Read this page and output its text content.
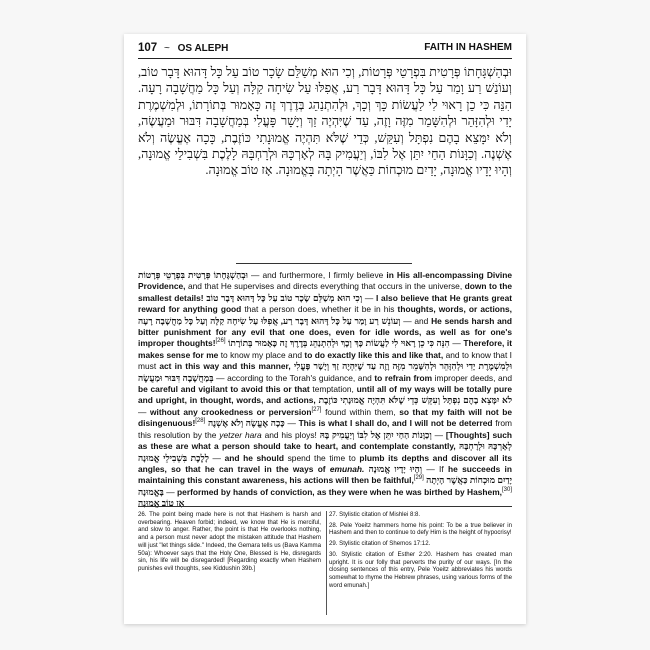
107 ~ OS ALEPH	FAITH IN HASHEM

וּבְהַשְׁגָּחָתוֹ פְּרָטִית בִּפְרָטֵי פְּרָטוֹת, וְכִי הוּא מְשַׁלֵּם שָׂכָר טוֹב עַל כָּל דָּהוּא דָּבָר טוֹב, וְעוֹנֵשׁ רַע וָמַר עַל כָּל דָּהוּא דָּבָר רַע, אֲפִלּוּ עַל שִׂיחָה קַלָּה וְעַל כָּל מַחֲשָׁבָה רָעָה. הִנֵּה כִּי כֵן רָאוּי לִי לַעֲשׂוֹת כָּךְ וְכָךְ, וּלְהִתְנַהֵג בְּדֶרֶךְ זֶה כָּאָמוּר בְּתוֹרָתוֹ, וּלְמִשְׁמֶרֶת יָדִי וּלְהִזָּהֵר וּלְהִשָּׁמֵר מִזֶּה וָזֶה, עַד שֶׁיִּהְיֶה זַךְ וְיָשָׁר פָּעֳלִי בְּמַחֲשָׁבָה דִּבּוּר וּמַעֲשֶׂה, וְלֹא יִמָּצֵא בָהֶם נִפְתָּל וְעִקֵּשׁ, כְּדֵי שֶׁלֹּא תִּהְיֶה אֱמוּנָתִי כּוֹזֶבֶת, כָּכָה אֶעֱשֶׂה וְלֹא אֶשְׁנֶה. וְכַוָּנוֹת הַחַי יִתֵּן אֶל לִבּוֹ, וְיַעֲמִיק בָּהּ לְאָרְכָּהּ וּלְרָחְבָּהּ לָלֶכֶת בִּשְׁבִילֵי אֱמוּנָה, וְהָיוּ יָדָיו אֱמוּנָה, יָדַיִם מוּכְחוֹת כַּאֲשֶׁר הָיְתָה בָּאֱמוּנָה. אָז טוֹב אֱמוּנָה.

וּבְהַשְׁגָּחָתוֹ פְּרָטִית בִּפְרָטֵי פְּרָטוֹת — and furthermore, I firmly believe in His all-encompassing Divine Providence, and that He supervises and directs everything that occurs in the universe, down to the smallest details!	וְכִי הוּא מְשַׁלֵּם שָׂכָר טוֹב עַל כָּל דָּהוּא דָּבָר טוֹב	— I also believe that He grants great reward for anything good that a person does, whether it be in his thoughts, words, or actions, וְעוֹנֵשׁ רַע וָמַר עַל כָּל דָּהוּא דָּבָר רַע, אֲפִלּוּ עַל שִׂיחָה קַלָּה וְעַל כָּל מַחֲשָׁבָה רָעָה — and He sends harsh and bitter punishment for any evil that one does, even for idle words, as well as for one's improper thoughts![26]	הִנֵּה כִּי כֵן רָאוּי לִי לַעֲשׂוֹת כָּךְ וְכָךְ וּלְהִתְנַהֵג בְּדֶרֶךְ זֶה כָּאָמוּר בְּתוֹרָתוֹ	— Therefore, it makes sense for me to know my place and to do exactly like this and like that, and to know that I must act in this way and this manner, וּלְמִשְׁמֶרֶת יָדִי וּלְהִזָּהֵר וּלְהִשָּׁמֵר מִזֶּה וָזֶה עַד שֶׁיִּהְיֶה זַךְ וְיָשָׁר פָּעֳלִי בְּמַחֲשָׁבָה דִּבּוּר וּמַעֲשֶׂה — according to the Torah's guidance, and to refrain from improper deeds, and be careful and vigilant to avoid this or that temptation, until all of my ways will be totally pure and upright, in thought, words, and actions,	לֹא יִמָּצֵא בָהֶם נִפְתָּל וְעִקֵּשׁ כְּדֵי שֶׁלֹּא תִּהְיֶה אֱמוּנָתִי כּוֹזֶבֶת — without any crookedness or perversion[27] found within them, so that my faith will not be disingenuous![28] כָּכָה אֶעֱשֶׂה וְלֹא אֶשְׁנֶה — This is what I shall do, and I will not be deterred from this resolution by the yetzer hara and his ploys! וְכַוָּנוֹת הַחַי יִתֵּן אֶל לִבּוֹ וְיַעֲמִיק בָּהּ — [Thoughts] such as these are what a person should take to heart, and contemplate constantly, לְאָרְכָּהּ וּלְרָחְבָּהּ לָלֶכֶת בִּשְׁבִילֵי אֱמוּנָה — and he should spend the time to plumb its depths and discover all its angles, so that he can travel in the ways of emunah. וְהָיוּ יָדָיו אֱמוּנָה — If he succeeds in maintaining this constant awareness, his actions will then be faithful,[29] יָדַיִם מוּכְחוֹת כַּאֲשֶׁר הָיְתָה בָּאֱמוּנָה — performed by hands of conviction, as they were when he was birthed by Hashem,[30] אָז טוֹב אֱמוּנָה

26. The point being made here is not that Hashem is harsh and overbearing. Heaven forbid; indeed, we know that He is merciful, and slow to anger. Rather, the point is that He overlooks nothing, and a person must never adopt the mistaken attitude that Hashem will just "let things slide." Indeed, the Gemara tells us (Bava Kamma 50a): Whoever says that the Holy One, Blessed is He, disregards sin, his life will be disregarded! [Regarding exactly when Hashem punishes evil thoughts, see Kiddushin 39b.]

27. Stylistic citation of Mishlei 8:8.

28. Pele Yoeitz hammers home his point: To be a true believer in Hashem and then to continue to defy Him is the height of hypocrisy!

29. Stylistic citation of Shemos 17:12.

30. Stylistic citation of Esther 2:20. Hashem has created man upright. It is our folly that perverts the purity of our ways. [In the closing sentences of this entry, Pele Yoeitz abbreviates his words somewhat to rhyme the Hebrew phrases, using various forms of the word emunah.]
